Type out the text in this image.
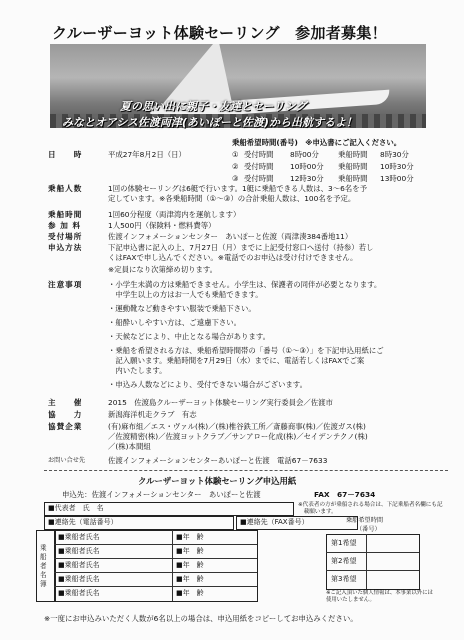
クルーザーヨット体験セーリング　参加者募集！
夏の思い出に親子・友達とセーリング
みなとオアシス佐渡両津(あいぽーと佐渡)から出航するよ！
乗船希望時間(番号)　※申込書にご記入ください。
① 受付時間 8時00分	乗船時間 8時30分
② 受付時間 10時00分 乗船時間 10時30分
③ 受付時間 12時30分 乗船時間 13時00分
日　　時	平成27年8月2日（日）
乗船人数	1回の体験セーリングは6艇で行います。1艇に乗船できる人数は、3～6名を予
定しています。※各乗船時間（①～③）の合計乗船人数は、100名を予定。
乗船時間	1回60分程度（両津湾内を運航します）
参 加 料	1人500円（保険料・燃料費等）
受付場所	佐渡インフォメーションセンター　あいぽーと佐渡（両津湊384番地11）
申込方法	下記申込書に記入の上、7月27日（月）までに上記受付窓口へ送付（持参）若し
くはFAXで申し込んでください。※電話でのお申込は受け付けできません。
※定員になり次第締め切ります。
注意事項	・小学生未満の方は乗船できません。小学生は、保護者の同伴が必要となります。
　中学生以上の方はお一人でも乗船できます。
・運動靴など動きやすい服装で乗船下さい。
・船酔いしやすい方は、ご遠慮下さい。
・天候などにより、中止となる場合があります。
・乗船を希望される方は、乗船希望時間帯の「番号（①～③）」を下記申込用紙にご
　記入願います。乗船時間を7月29日（水）までに、電話若しくはFAXでご案
　内いたします。
・申込み人数などにより、受付できない場合がございます。
主　　催	2015　佐渡島クルーザーヨット体験セーリング実行委員会／佐渡市
協　　力	新潟海洋机走クラブ　有志
協賛企業	(有)麻布組／エス・ヴァル(株)／(株)椎谷鉄工所／斎藤商事(株)／佐渡ガス(株)
／佐渡精密(株)／佐渡ヨットクラブ／サンアロー化成(株)／セイデンテクノ(株)
／(株)本間組
お問い合せ先	佐渡インフォメーションセンターあいぽーと佐渡　電話67－7633
クルーザーヨット体験セーリング申込用紙
申込先：佐渡インフォメーションセンター　あいぽーと佐渡	FAX　67－7634
■代表者　氏　名	※代表者の方が乗船される場合は、下記乗船者名欄にも記
　載願います。
■連絡先（電話番号）	■連絡先（FAX番号）
乗船者名簿
■乗船者氏名	■年　齢
■乗船者氏名	■年　齢
■乗船者氏名	■年　齢
■乗船者氏名	■年　齢
■乗船者氏名	■年　齢
乗船希望時間
（番号）
第1希望
第2希望
第3希望
※ご記入頂いた個人情報は、本事業以外には
使用いたしません。
※一度にお申込みいただく人数が6名以上の場合は、申込用紙をコピーしてお申込みください。
